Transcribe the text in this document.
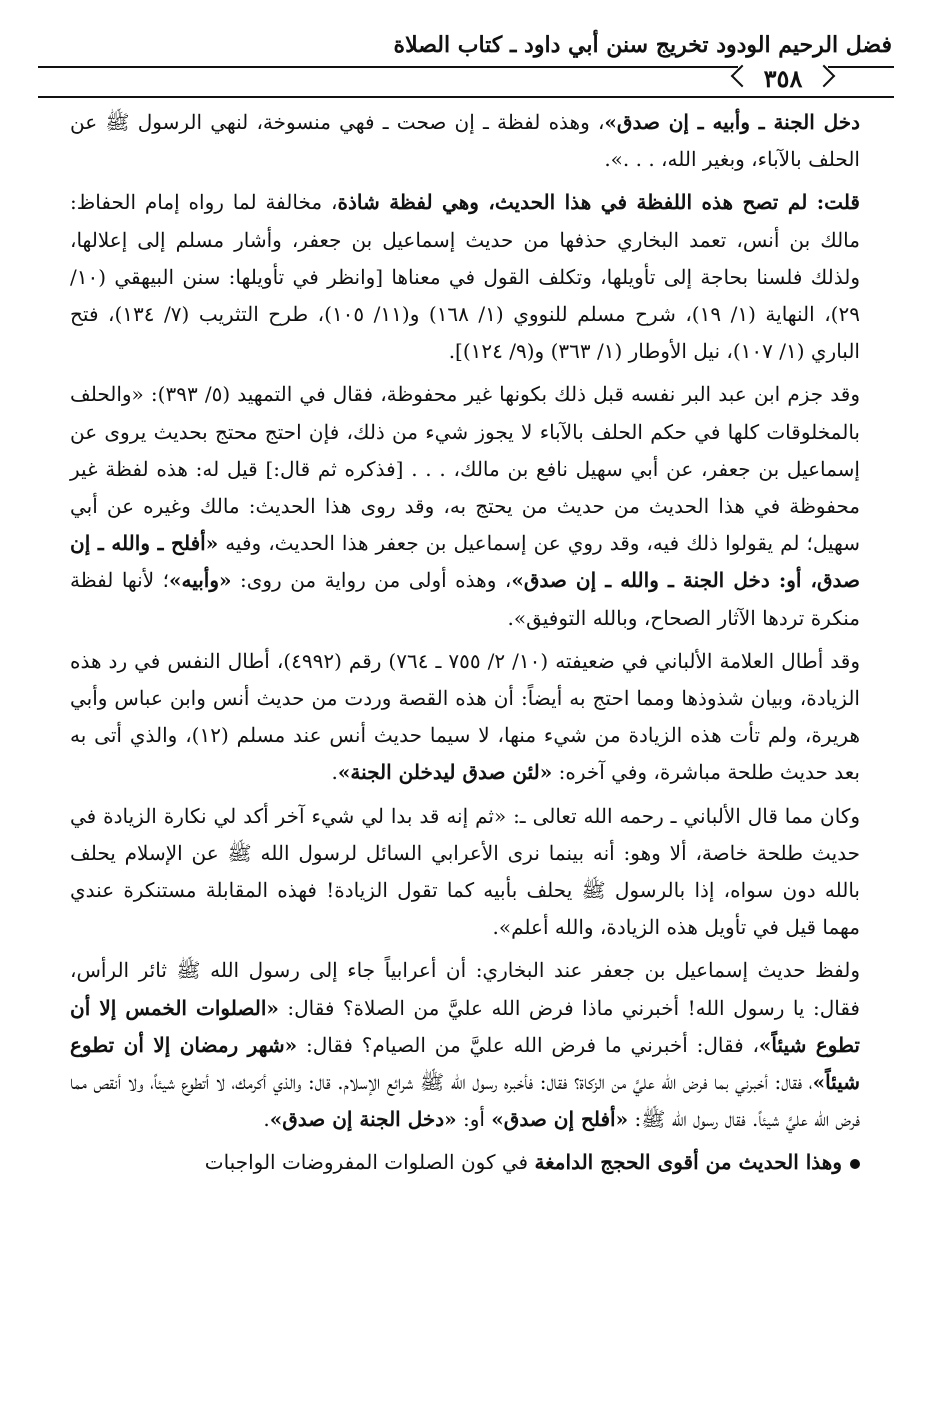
فضل الرحيم الودود تخريج سنن أبي داود ـ كتاب الصلاة
٣٥٨

دخل الجنة ـ وأبيه ـ إن صدق»، وهذه لفظة ـ إن صحت ـ فهي منسوخة، لنهي الرسول ﷺ عن الحلف بالآباء، وبغير الله، . . .».

قلت: لم تصح هذه اللفظة في هذا الحديث، وهي لفظة شاذة، مخالفة لما رواه إمام الحفاظ: مالك بن أنس، تعمد البخاري حذفها من حديث إسماعيل بن جعفر، وأشار مسلم إلى إعلالها، ولذلك فلسنا بحاجة إلى تأويلها، وتكلف القول في معناها [وانظر في تأويلها: سنن البيهقي (١٠/ ٢٩)، النهاية (١/ ١٩)، شرح مسلم للنووي (١/ ١٦٨) و(١١/ ١٠٥)، طرح التثريب (٧/ ١٣٤)، فتح الباري (١/ ١٠٧)، نيل الأوطار (١/ ٣٦٣) و(٩/ ١٢٤)].

وقد جزم ابن عبد البر نفسه قبل ذلك بكونها غير محفوظة، فقال في التمهيد (٥/ ٣٩٣): «والحلف بالمخلوقات كلها في حكم الحلف بالآباء لا يجوز شيء من ذلك، فإن احتج محتج بحديث يروى عن إسماعيل بن جعفر، عن أبي سهيل نافع بن مالك، . . . [فذكره ثم قال:] قيل له: هذه لفظة غير محفوظة في هذا الحديث من حديث من يحتج به، وقد روى هذا الحديث: مالك وغيره عن أبي سهيل؛ لم يقولوا ذلك فيه، وقد روي عن إسماعيل بن جعفر هذا الحديث، وفيه «أفلح ـ والله ـ إن صدق، أو: دخل الجنة ـ والله ـ إن صدق»، وهذه أولى من رواية من روى: «وأبيه»؛ لأنها لفظة منكرة تردها الآثار الصحاح، وبالله التوفيق».

وقد أطال العلامة الألباني في ضعيفته (١٠/ ٢/ ٧٥٥ ـ ٧٦٤) رقم (٤٩٩٢)، أطال النفس في رد هذه الزيادة، وبيان شذوذها ومما احتج به أيضاً: أن هذه القصة وردت من حديث أنس وابن عباس وأبي هريرة، ولم تأت هذه الزيادة من شيء منها، لا سيما حديث أنس عند مسلم (١٢)، والذي أتى به بعد حديث طلحة مباشرة، وفي آخره: «لئن صدق ليدخلن الجنة».

وكان مما قال الألباني ـ رحمه الله تعالى ـ: «ثم إنه قد بدا لي شيء آخر أكد لي نكارة الزيادة في حديث طلحة خاصة، ألا وهو: أنه بينما نرى الأعرابي السائل لرسول الله ﷺ عن الإسلام يحلف بالله دون سواه، إذا بالرسول ﷺ يحلف بأبيه كما تقول الزيادة! فهذه المقابلة مستنكرة عندي مهما قيل في تأويل هذه الزيادة، والله أعلم».

ولفظ حديث إسماعيل بن جعفر عند البخاري: أن أعرابياً جاء إلى رسول الله ﷺ ثائر الرأس، فقال: يا رسول الله! أخبرني ماذا فرض الله عليَّ من الصلاة؟ فقال: «الصلوات الخمس إلا أن تطوع شيئاً»، فقال: أخبرني ما فرض الله عليَّ من الصيام؟ فقال: «شهر رمضان إلا أن تطوع شيئاً»، فقال: أخبرني بما فرض الله عليَّ من الزكاة؟ فقال: فأخبره رسول الله ﷺ شرائع الإسلام. قال: والذي أكرمك، لا أتطوع شيئاً، ولا أنقص مما فرض الله عليَّ شيئاً. فقال رسول الله ﷺ: «أفلح إن صدق» أو: «دخل الجنة إن صدق».

وهذا الحديث من أقوى الحجج الدامغة في كون الصلوات المفروضات الواجبات
